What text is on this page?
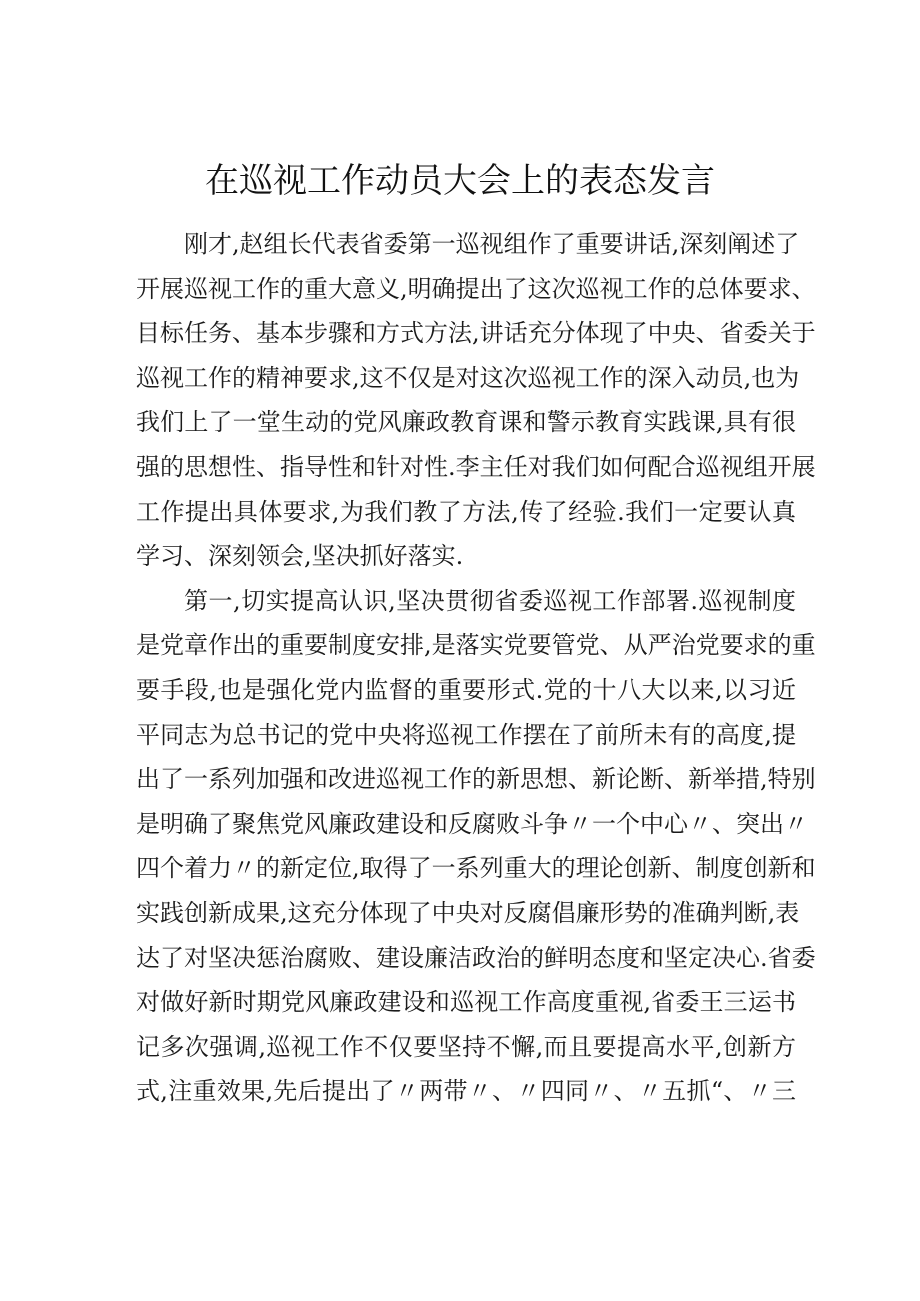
在巡视工作动员大会上的表态发言

刚才,赵组长代表省委第一巡视组作了重要讲话,深刻阐述了
开展巡视工作的重大意义,明确提出了这次巡视工作的总体要求、
目标任务、基本步骤和方式方法,讲话充分体现了中央、省委关于
巡视工作的精神要求,这不仅是对这次巡视工作的深入动员,也为
我们上了一堂生动的党风廉政教育课和警示教育实践课,具有很
强的思想性、指导性和针对性.李主任对我们如何配合巡视组开展
工作提出具体要求,为我们教了方法,传了经验.我们一定要认真
学习、深刻领会,坚决抓好落实.

第一,切实提高认识,坚决贯彻省委巡视工作部署.巡视制度
是党章作出的重要制度安排,是落实党要管党、从严治党要求的重
要手段,也是强化党内监督的重要形式.党的十八大以来,以习近
平同志为总书记的党中央将巡视工作摆在了前所未有的高度,提
出了一系列加强和改进巡视工作的新思想、新论断、新举措,特别
是明确了聚焦党风廉政建设和反腐败斗争〃一个中心〃、突出〃
四个着力〃的新定位,取得了一系列重大的理论创新、制度创新和
实践创新成果,这充分体现了中央对反腐倡廉形势的准确判断,表
达了对坚决惩治腐败、建设廉洁政治的鲜明态度和坚定决心.省委
对做好新时期党风廉政建设和巡视工作高度重视,省委王三运书
记多次强调,巡视工作不仅要坚持不懈,而且要提高水平,创新方
式,注重效果,先后提出了〃两带〃、〃四同〃、〃五抓“、〃三
